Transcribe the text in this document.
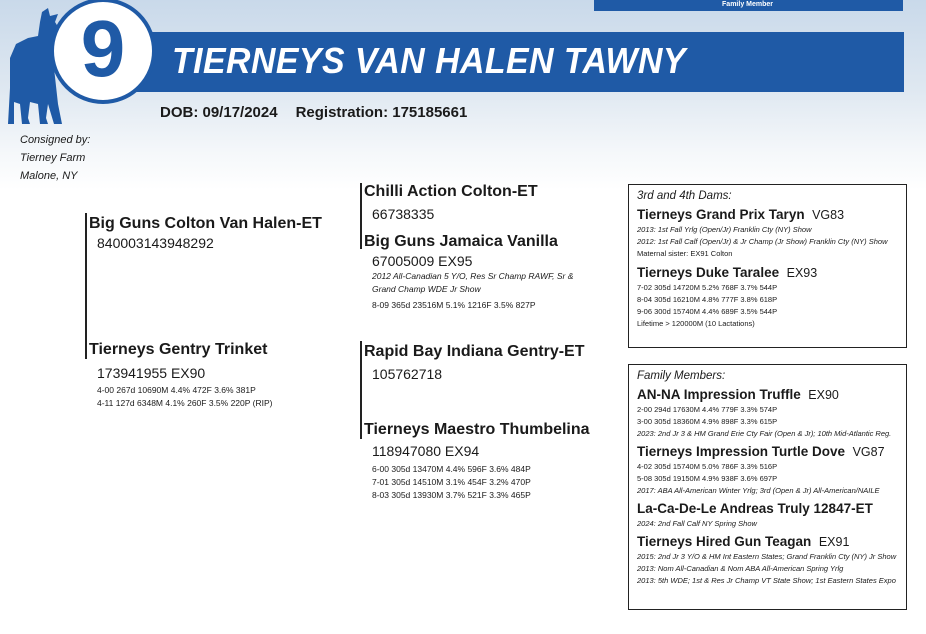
Family Member
9	TIERNEYS VAN HALEN TAWNY
DOB: 09/17/2024 Registration: 175185661
Consigned by:
Tierney Farm
Malone, NY
Big Guns Colton Van Halen-ET
840003143948292
Tierneys Gentry Trinket
173941955 EX90
4-00 267d 10690M 4.4% 472F 3.6% 381P
4-11 127d 6348M 4.1% 260F 3.5% 220P (RIP)
Chilli Action Colton-ET
66738335
Big Guns Jamaica Vanilla
67005009 EX95
2012 All-Canadian 5 Y/O, Res Sr Champ RAWF, Sr &
Grand Champ WDE Jr Show
8-09 365d 23516M 5.1% 1216F 3.5% 827P
Rapid Bay Indiana Gentry-ET
105762718
Tierneys Maestro Thumbelina
118947080 EX94
6-00 305d 13470M 4.4% 596F 3.6% 484P
7-01 305d 14510M 3.1% 454F 3.2% 470P
8-03 305d 13930M 3.7% 521F 3.3% 465P
3rd and 4th Dams:
Tierneys Grand Prix Taryn VG83
2013: 1st Fall Yrlg (Open/Jr) Franklin Cty (NY) Show
2012: 1st Fall Calf (Open/Jr) & Jr Champ (Jr Show) Franklin Cty (NY) Show
Maternal sister: EX91 Colton
Tierneys Duke Taralee EX93
7-02 305d 14720M 5.2% 768F 3.7% 544P
8-04 305d 16210M 4.8% 777F 3.8% 618P
9-06 300d 15740M 4.4% 689F 3.5% 544P
Lifetime > 120000M (10 Lactations)
Family Members:
AN-NA Impression Truffle EX90
2-00 294d 17630M 4.4% 779F 3.3% 574P
3-00 305d 18360M 4.9% 898F 3.3% 615P
2023: 2nd Jr 3 & HM Grand Erie Cty Fair (Open & Jr); 10th Mid-Atlantic Reg.
Tierneys Impression Turtle Dove VG87
4-02 305d 15740M 5.0% 786F 3.3% 516P
5-08 305d 19150M 4.9% 938F 3.6% 697P
2017: ABA All-American Winter Yrlg; 3rd (Open & Jr) All-American/NAILE
La-Ca-De-Le Andreas Truly 12847-ET
2024: 2nd Fall Calf NY Spring Show
Tierneys Hired Gun Teagan EX91
2015: 2nd Jr 3 Y/O & HM Int Eastern States; Grand Franklin Cty (NY) Jr Show
2013: Nom All-Canadian & Nom ABA All-American Spring Yrlg
2013: 5th WDE; 1st & Res Jr Champ VT State Show; 1st Eastern States Expo
